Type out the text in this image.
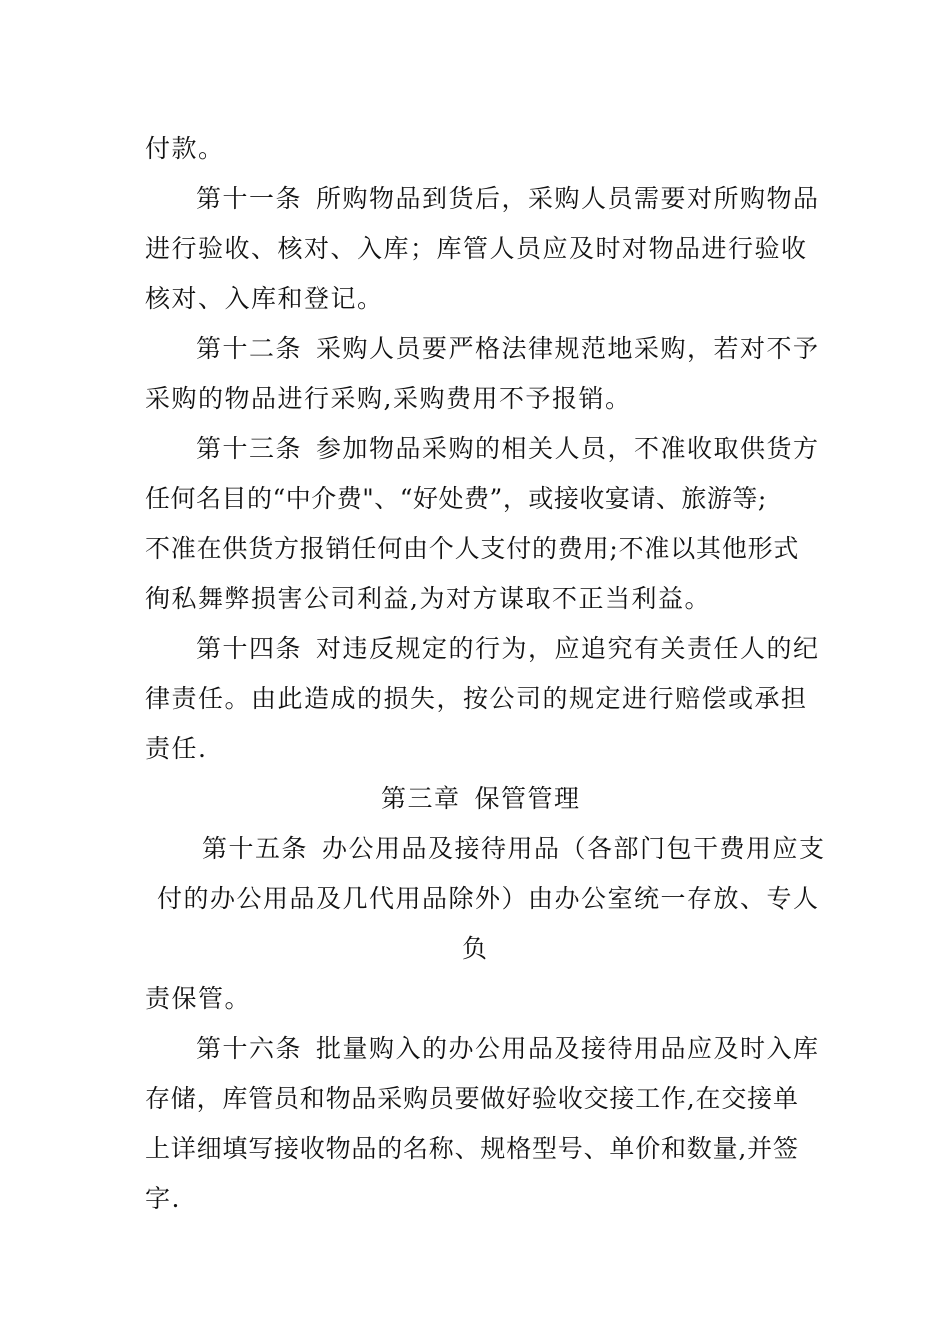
付款。
第十一条 所购物品到货后，采购人员需要对所购物品
进行验收、核对、入库；库管人员应及时对物品进行验收
核对、入库和登记。
第十二条 采购人员要严格法律规范地采购，若对不予
采购的物品进行采购,采购费用不予报销。
第十三条 参加物品采购的相关人员，不准收取供货方
任何名目的“中介费"、“好处费”，或接收宴请、旅游等;
不准在供货方报销任何由个人支付的费用;不准以其他形式
徇私舞弊损害公司利益,为对方谋取不正当利益。
第十四条 对违反规定的行为，应追究有关责任人的纪
律责任。由此造成的损失，按公司的规定进行赔偿或承担
责任.
第三章 保管管理
第十五条 办公用品及接待用品（各部门包干费用应支
付的办公用品及几代用品除外）由办公室统一存放、专人
负
责保管。
第十六条 批量购入的办公用品及接待用品应及时入库
存储，库管员和物品采购员要做好验收交接工作,在交接单
上详细填写接收物品的名称、规格型号、单价和数量,并签
字.
